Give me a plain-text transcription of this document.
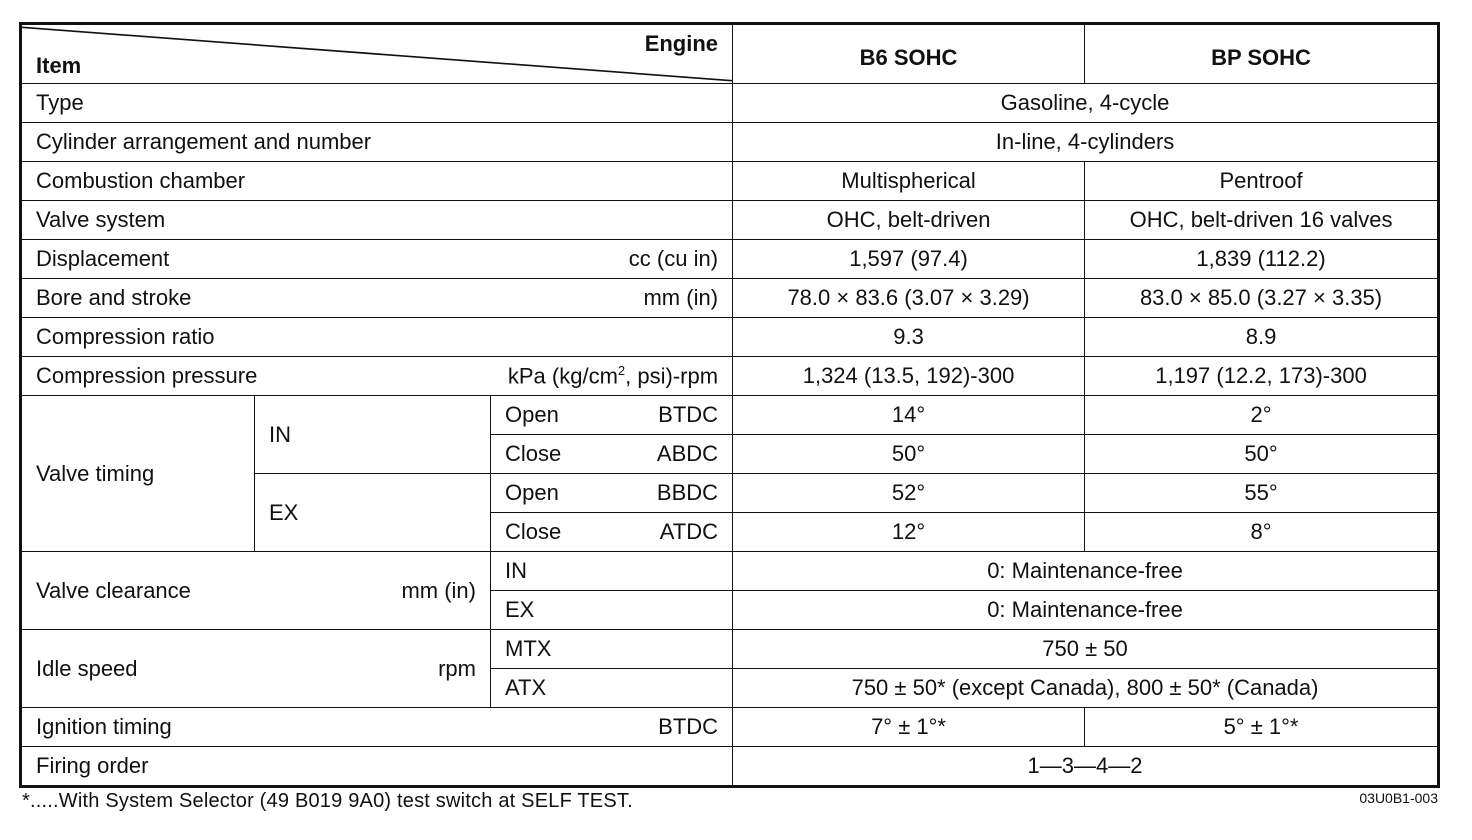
Item
Engine			B6 SOHC	BP SOHC
Type			Gasoline, 4-cycle	
Cylinder arrangement and number			In-line, 4-cylinders	
Combustion chamber			Multispherical	Pentroof
Valve system			OHC, belt-driven	OHC, belt-driven 16 valves

Displacement cc (cu in)			1,597 (97.4)	1,839 (112.2)

Bore and stroke mm (in)			78.0 × 83.6 (3.07 × 3.29)	83.0 × 85.0 (3.27 × 3.35)
Compression ratio			9.3	8.9

Compression pressure kPa ($kg/cm^2$, psi)-rpm			1,324 (13.5, 192)-300	1,197 (12.2, 173)-300
Valve timing	IN	Open BTDC	14°	2°

		Close ABDC	50°	50°
	EX	Open BBDC	52°	55°

		Close ATDC	12°	8°

Valve clearance mm (in)		IN	0: Maintenance-free	
		EX	0: Maintenance-free	

Idle speed rpm		MTX	750 ± 50	
		ATX	750 ± 50* (except Canada), 800 ± 50* (Canada)	

Ignition timing BTDC			7° ± 1°*	5° ± 1°*
Firing order			1—3—4—2	
*.....With System Selector (49 B019 9A0) test switch at SELF TEST.	03U0B1-003
